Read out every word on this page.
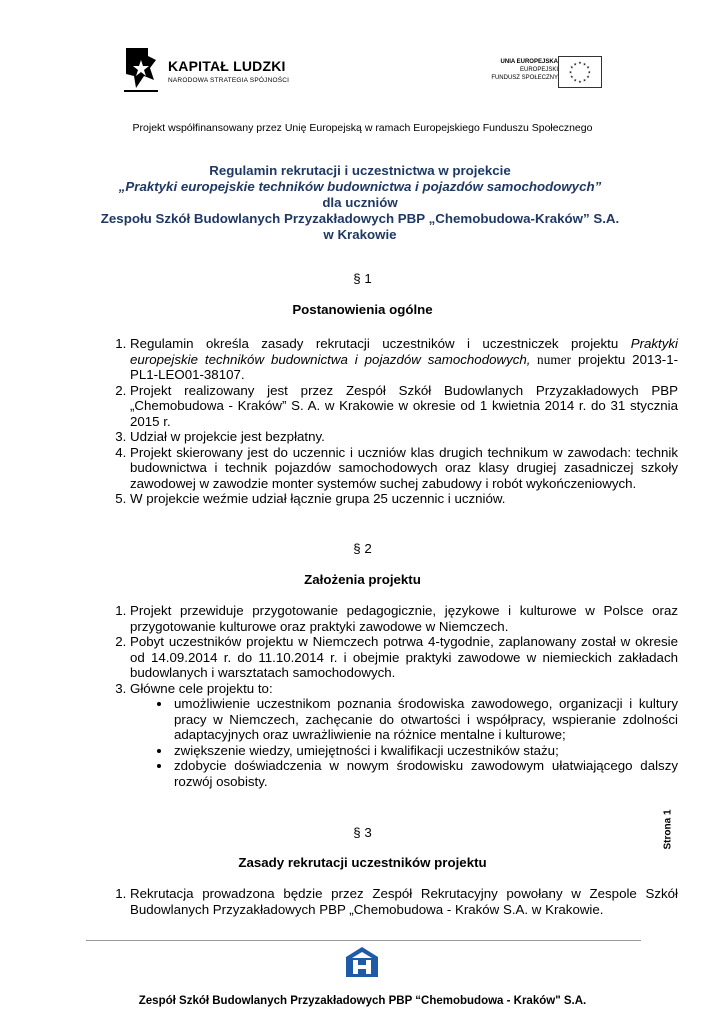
KAPITAŁ LUDZKI
NARODOWA STRATEGIA SPÓJNOŚCI
UNIA EUROPEJSKA
EUROPEJSKI
FUNDUSZ SPOŁECZNY
★ ★
★
★
★
★
★
★
★
★
★
★
Projekt współfinansowany przez Unię Europejską w ramach Europejskiego Funduszu Społecznego
Regulamin rekrutacji i uczestnictwa w projekcie
„Praktyki europejskie techników budownictwa i pojazdów samochodowych”
dla uczniów
Zespołu Szkół Budowlanych Przyzakładowych PBP „Chemobudowa-Kraków” S.A.
w Krakowie
§ 1
Postanowienia ogólne
1. Regulamin określa zasady rekrutacji uczestników i uczestniczek projektu Praktyki europejskie techników budownictwa i pojazdów samochodowych, numer projektu 2013-1-PL1-LEO01-38107.
2. Projekt realizowany jest przez Zespół Szkół Budowlanych Przyzakładowych PBP „Chemobudowa - Kraków” S. A. w Krakowie w okresie od 1 kwietnia 2014 r. do 31 stycznia 2015 r.
3. Udział w projekcie jest bezpłatny.
4. Projekt skierowany jest do uczennic i uczniów klas drugich technikum w zawodach: technik budownictwa i technik pojazdów samochodowych oraz klasy drugiej zasadniczej szkoły zawodowej w zawodzie monter systemów suchej zabudowy i robót wykończeniowych.
5. W projekcie weźmie udział łącznie grupa 25 uczennic i uczniów.
§ 2
Założenia projektu
1. Projekt przewiduje przygotowanie pedagogicznie, językowe i kulturowe w Polsce oraz przygotowanie kulturowe oraz praktyki zawodowe w Niemczech.
2. Pobyt uczestników projektu w Niemczech potrwa 4-tygodnie, zaplanowany został w okresie od 14.09.2014 r. do 11.10.2014 r. i obejmie praktyki zawodowe w niemieckich zakładach budowlanych i warsztatach samochodowych.
3. Główne cele projektu to:
• umożliwienie uczestnikom poznania środowiska zawodowego, organizacji i kultury pracy w Niemczech, zachęcanie do otwartości i współpracy, wspieranie zdolności adaptacyjnych oraz uwrażliwienie na różnice mentalne i kulturowe;
• zwiększenie wiedzy, umiejętności i kwalifikacji uczestników stażu;
• zdobycie doświadczenia w nowym środowisku zawodowym ułatwiającego dalszy rozwój osobisty.
§ 3
Zasady rekrutacji uczestników projektu
1. Rekrutacja prowadzona będzie przez Zespół Rekrutacyjny powołany w Zespole Szkół Budowlanych Przyzakładowych PBP „Chemobudowa - Kraków S.A. w Krakowie.
Strona 1
Zespół Szkół Budowlanych Przyzakładowych PBP “Chemobudowa - Kraków" S.A.
